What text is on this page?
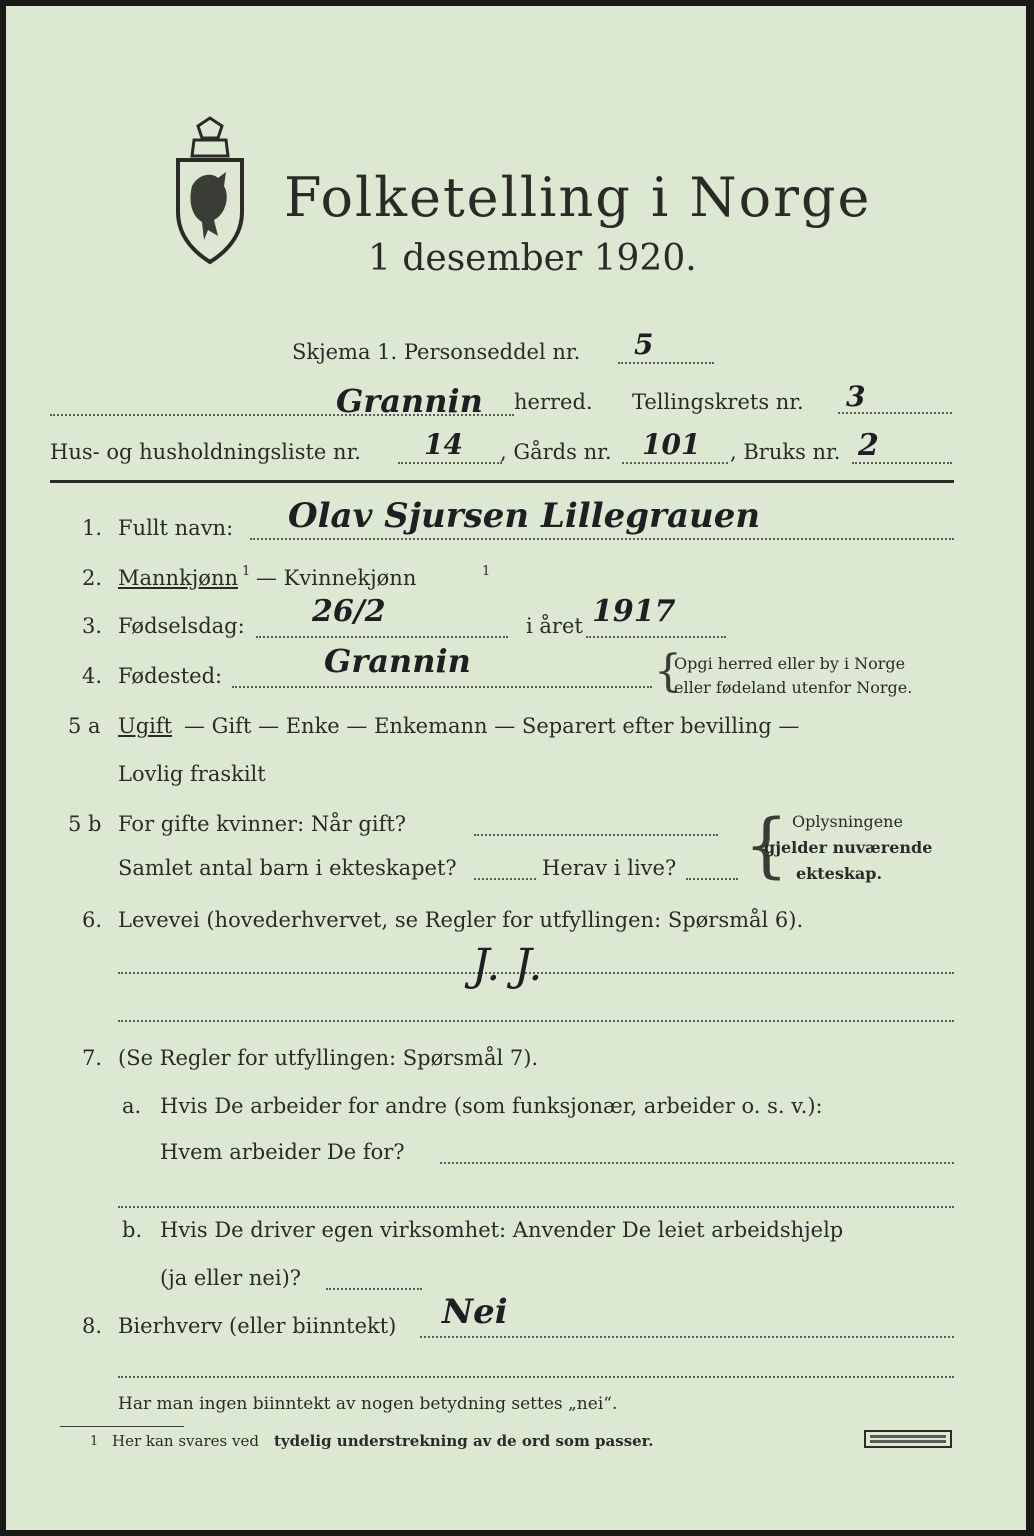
Folketelling i Norge
1 desember 1920.
Skjema 1. Personseddel nr. 5
Grannin herred. Tellingskrets nr. 3
Hus- og husholdningsliste nr. 14 , Gårds nr. 101 , Bruks nr. 2
1. Fullt navn: Olav Sjursen Lillegrauen
2. Mannkjønn 1 — Kvinnekjønn	1
3. Fødselsdag: 26/2	i året 1917
4. Fødested:	Grannin	{
Opgi herred eller by i Norge
eller fødeland utenfor Norge.
5 a Ugift — Gift — Enke — Enkemann — Separert efter bevilling —
Lovlig fraskilt
5 b For gifte kvinner: Når gift?
Samlet antal barn i ekteskapet?	Herav i live? { Oplysningene
gjelder nuværende
ekteskap.
6. Levevei (hovederhvervet, se Regler for utfyllingen: Spørsmål 6).
J. J.
7. (Se Regler for utfyllingen: Spørsmål 7).
a. Hvis De arbeider for andre (som funksjonær, arbeider o. s. v.):
Hvem arbeider De for?
b. Hvis De driver egen virksomhet: Anvender De leiet arbeidshjelp
(ja eller nei)?
8. Bierhverv (eller biinntekt) Nei
Har man ingen biinntekt av nogen betydning settes „nei“.
1 Her kan svares ved tydelig understrekning av de ord som passer.
